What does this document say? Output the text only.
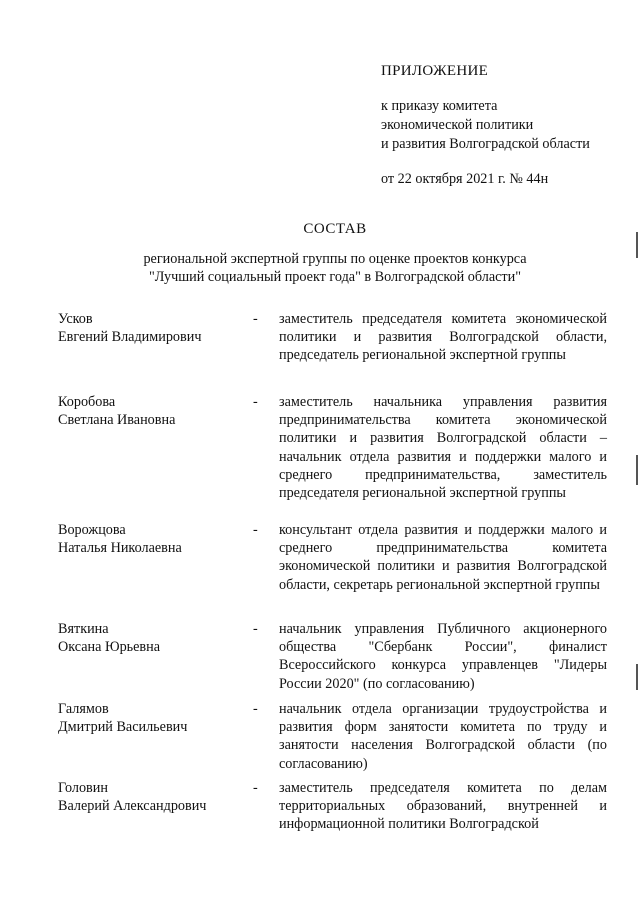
ПРИЛОЖЕНИЕ
к приказу комитета
экономической политики
и развития Волгоградской области
от 22 октября 2021 г. № 44н
СОСТАВ
региональной экспертной группы по оценке проектов конкурса
"Лучший социальный проект года" в Волгоградской области"
Усков
Евгений Владимирович
- заместитель председателя комитета экономической политики и развития Волгоградской области, председатель региональной экспертной группы
Коробова
Светлана Ивановна
- заместитель начальника управления развития предпринимательства комитета экономической политики и развития Волгоградской области – начальник отдела развития и поддержки малого и среднего предпринимательства, заместитель председателя региональной экспертной группы
Ворожцова
Наталья Николаевна
- консультант отдела развития и поддержки малого и среднего предпринимательства комитета экономической политики и развития Волгоградской области, секретарь региональной экспертной группы
Вяткина
Оксана Юрьевна
- начальник управления Публичного акционерного общества "Сбербанк России", финалист Всероссийского конкурса управленцев "Лидеры России 2020" (по согласованию)
Галямов
Дмитрий Васильевич
- начальник отдела организации трудоустройства и развития форм занятости комитета по труду и занятости населения Волгоградской области (по согласованию)
Головин
Валерий Александрович
- заместитель председателя комитета по делам территориальных образований, внутренней и информационной политики Волгоградской
